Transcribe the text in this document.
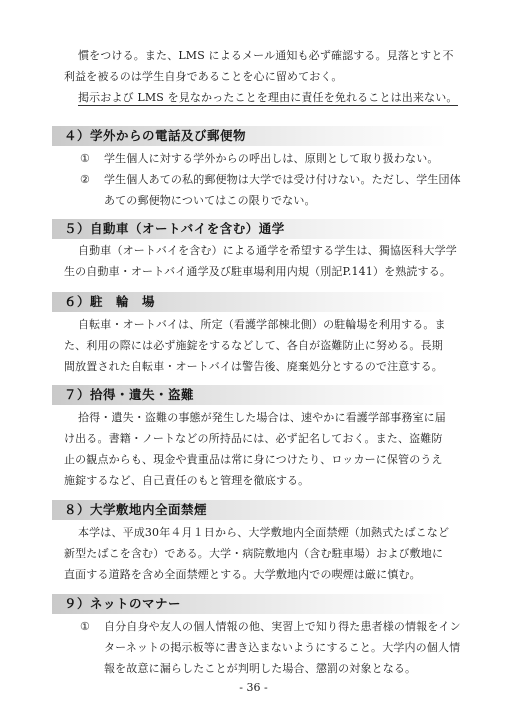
慣をつける。また、LMS によるメール通知も必ず確認する。見落とすと不
利益を被るのは学生自身であることを心に留めておく。
掲示および LMS を見なかったことを理由に責任を免れることは出来ない。
４）学外からの電話及び郵便物
① 学生個人に対する学外からの呼出しは、原則として取り扱わない。
② 学生個人あての私的郵便物は大学では受け付けない。ただし、学生団体
あての郵便物についてはこの限りでない。
５）自動車（オートバイを含む）通学
自動車（オートバイを含む）による通学を希望する学生は、獨協医科大学学
生の自動車・オートバイ通学及び駐車場利用内規（別記P.141）を熟読する。
６）駐　輪　場
自転車・オートバイは、所定（看護学部棟北側）の駐輪場を利用する。ま
た、利用の際には必ず施錠をするなどして、各自が盗難防止に努める。長期
間放置された自転車・オートバイは警告後、廃棄処分とするので注意する。
７）拾得・遺失・盗難
拾得・遺失・盗難の事態が発生した場合は、速やかに看護学部事務室に届
け出る。書籍・ノートなどの所持品には、必ず記名しておく。また、盗難防
止の観点からも、現金や貴重品は常に身につけたり、ロッカーに保管のうえ
施錠するなど、自己責任のもと管理を徹底する。
８）大学敷地内全面禁煙
本学は、平成30年４月１日から、大学敷地内全面禁煙（加熱式たばこなど
新型たばこを含む）である。大学・病院敷地内（含む駐車場）および敷地に
直面する道路を含め全面禁煙とする。大学敷地内での喫煙は厳に慎む。
９）ネットのマナー
① 自分自身や友人の個人情報の他、実習上で知り得た患者様の情報をイン
ターネットの掲示板等に書き込まないようにすること。大学内の個人情
報を故意に漏らしたことが判明した場合、懲罰の対象となる。
- 36 -
